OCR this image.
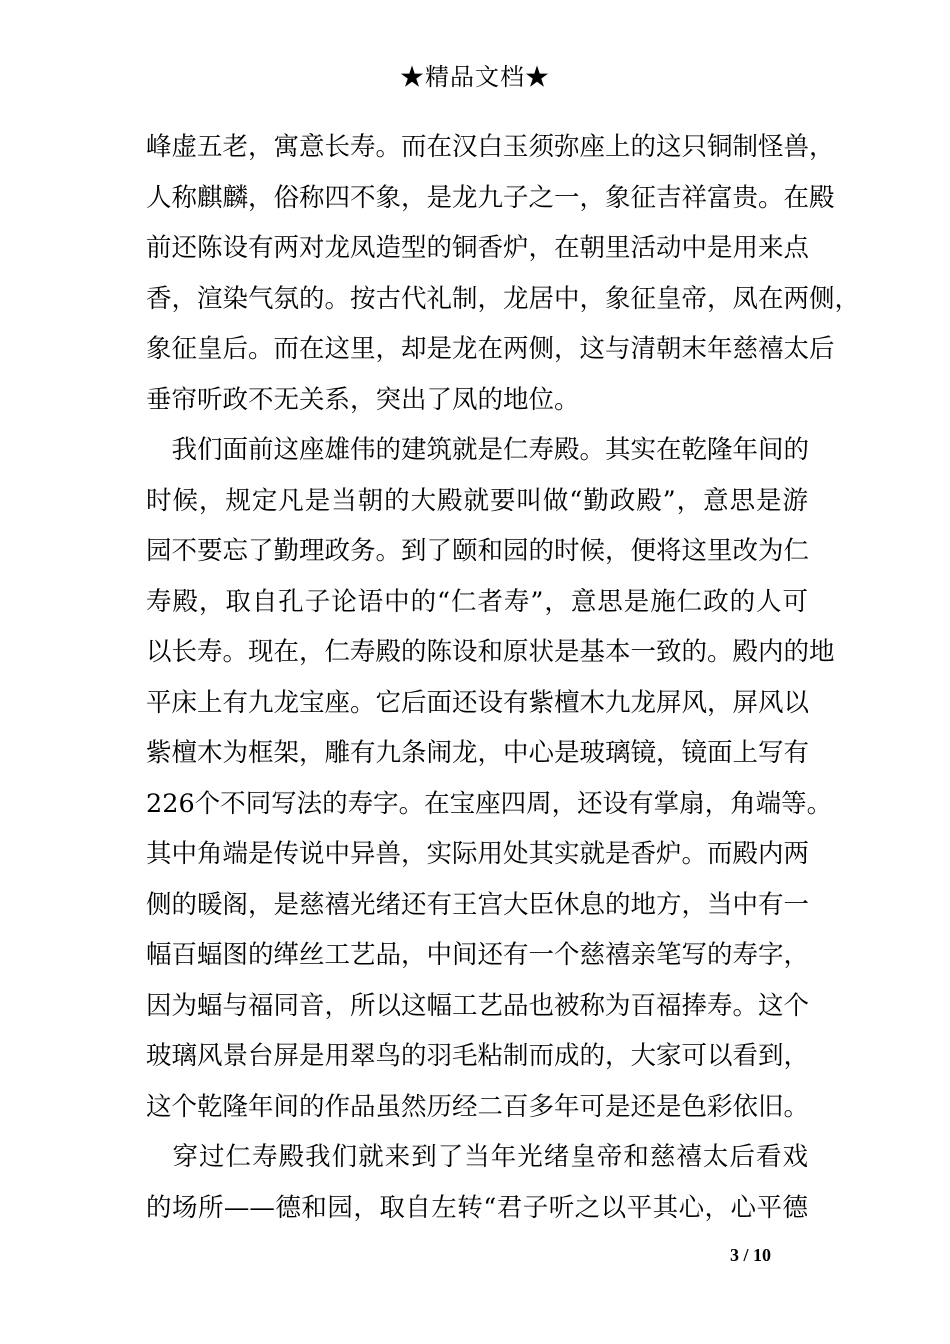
★精品文档★
峰虚五老，寓意长寿。而在汉白玉须弥座上的这只铜制怪兽，
人称麒麟，俗称四不象，是龙九子之一，象征吉祥富贵。在殿
前还陈设有两对龙凤造型的铜香炉，在朝里活动中是用来点
香，渲染气氛的。按古代礼制，龙居中，象征皇帝，凤在两侧，
象征皇后。而在这里，却是龙在两侧，这与清朝末年慈禧太后
垂帘听政不无关系，突出了凤的地位。
　我们面前这座雄伟的建筑就是仁寿殿。其实在乾隆年间的
时候，规定凡是当朝的大殿就要叫做“勤政殿”，意思是游
园不要忘了勤理政务。到了颐和园的时候，便将这里改为仁
寿殿，取自孔子论语中的“仁者寿”，意思是施仁政的人可
以长寿。现在，仁寿殿的陈设和原状是基本一致的。殿内的地
平床上有九龙宝座。它后面还设有紫檀木九龙屏风，屏风以
紫檀木为框架，雕有九条闹龙，中心是玻璃镜，镜面上写有
226个不同写法的寿字。在宝座四周，还设有掌扇，角端等。
其中角端是传说中异兽，实际用处其实就是香炉。而殿内两
侧的暖阁，是慈禧光绪还有王宫大臣休息的地方，当中有一
幅百蝠图的缂丝工艺品，中间还有一个慈禧亲笔写的寿字，
因为蝠与福同音，所以这幅工艺品也被称为百福捧寿。这个
玻璃风景台屏是用翠鸟的羽毛粘制而成的，大家可以看到，
这个乾隆年间的作品虽然历经二百多年可是还是色彩依旧。
　穿过仁寿殿我们就来到了当年光绪皇帝和慈禧太后看戏
的场所——德和园，取自左转“君子听之以平其心，心平德
3 / 10
